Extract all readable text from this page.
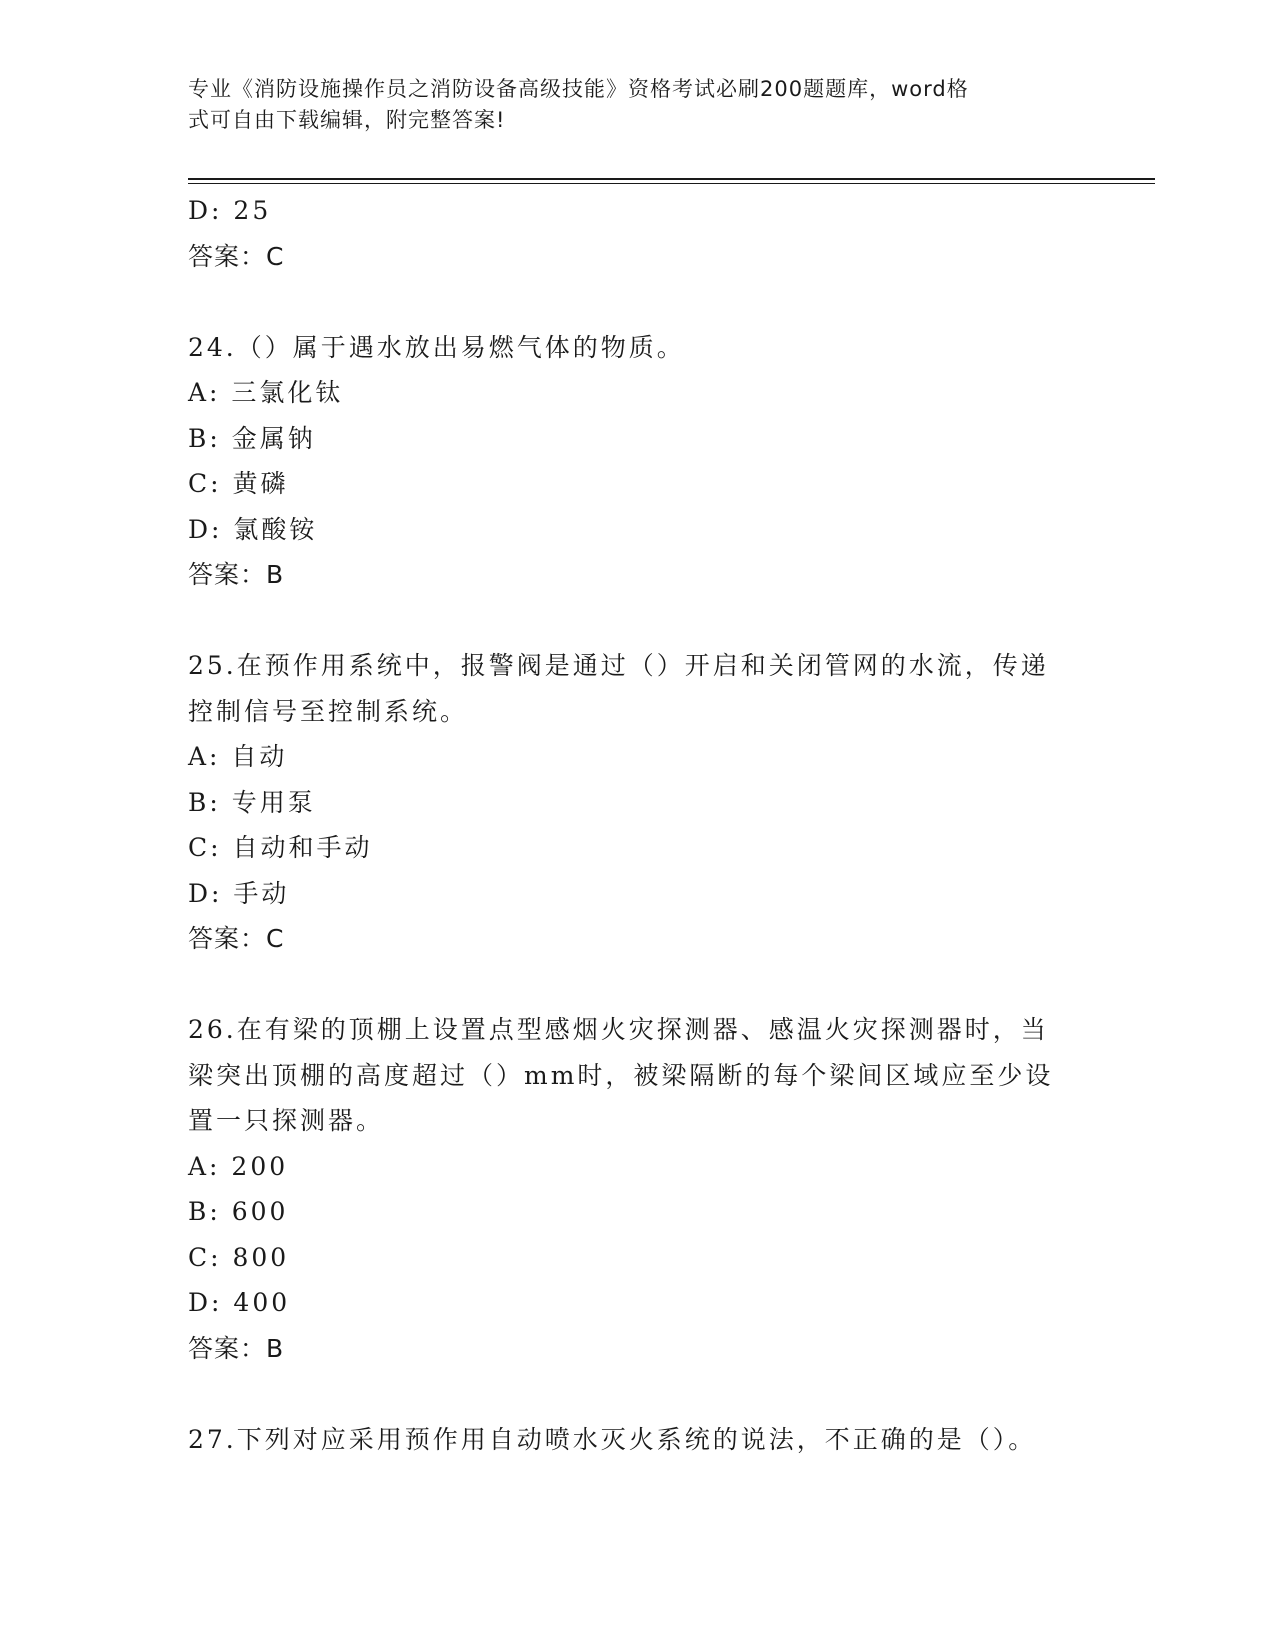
专业《消防设施操作员之消防设备高级技能》资格考试必刷200题题库，word格
式可自由下载编辑，附完整答案!

D: 25

答案：C

24.（）属于遇水放出易燃气体的物质。

A: 三氯化钛

B: 金属钠

C: 黄磷

D: 氯酸铵

答案：B

25.在预作用系统中，报警阀是通过（）开启和关闭管网的水流，传递

控制信号至控制系统。

A: 自动

B: 专用泵

C: 自动和手动

D: 手动

答案：C

26.在有梁的顶棚上设置点型感烟火灾探测器、感温火灾探测器时，当

梁突出顶棚的高度超过（）mm时，被梁隔断的每个梁间区域应至少设

置一只探测器。

A: 200

B: 600

C: 800

D: 400

答案：B

27.下列对应采用预作用自动喷水灭火系统的说法，不正确的是（）。
